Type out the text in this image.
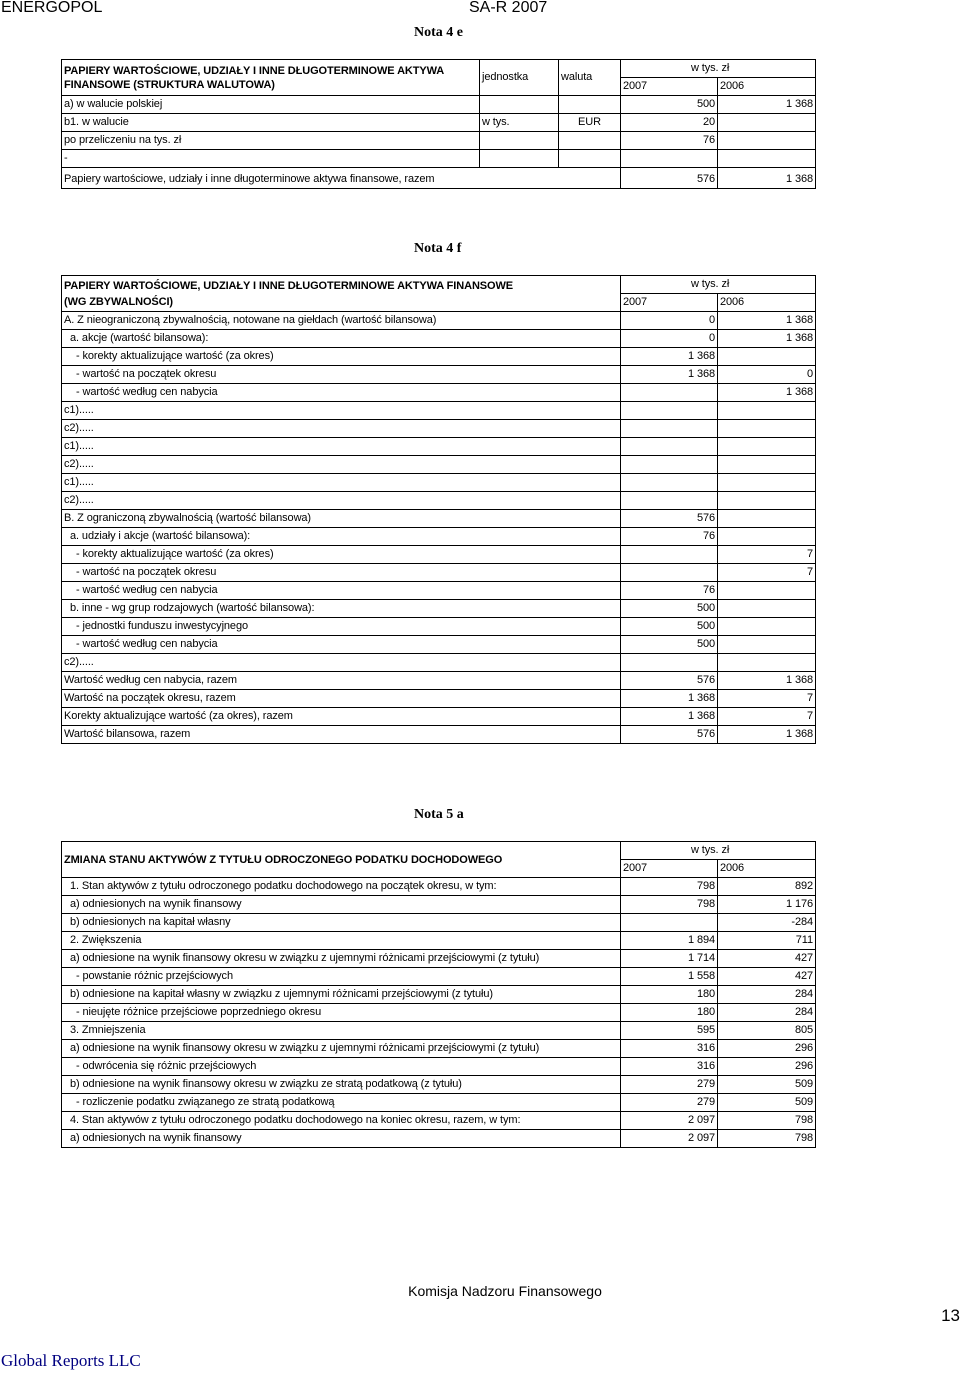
ENERGOPOL	SA-R 2007
Nota 4 e
PAPIERY WARTOŚCIOWE, UDZIAŁY I INNE DŁUGOTERMINOWE AKTYWA
FINANSOWE (STRUKTURA WALUTOWA)	jednostka	waluta	w tys. zł	
			2007	2006
a) w walucie polskiej			500	1 368
b1. w walucie	w tys.	EUR	20	
po przeliczeniu na tys. zł			76	
-				
Papiery wartościowe, udziały i inne długoterminowe aktywa finansowe, razem			576	1 368
Nota 4 f
PAPIERY WARTOŚCIOWE, UDZIAŁY I INNE DŁUGOTERMINOWE AKTYWA FINANSOWE
(WG ZBYWALNOŚCI)	w tys. zł	
	2007	2006
A. Z nieograniczoną zbywalnością, notowane na giełdach (wartość bilansowa)	0	1 368
a. akcje (wartość bilansowa):	0	1 368
- korekty aktualizujące wartość (za okres)	1 368	
- wartość na początek okresu	1 368	0
- wartość według cen nabycia		1 368
c1).....		
c2).....		
c1).....		
c2).....		
c1).....		
c2).....		
B. Z ograniczoną zbywalnością (wartość bilansowa)	576	
a. udziały i akcje (wartość bilansowa):	76	
- korekty aktualizujące wartość (za okres)		7
- wartość na początek okresu		7
- wartość według cen nabycia	76	
b. inne - wg grup rodzajowych (wartość bilansowa):	500	
- jednostki funduszu inwestycyjnego	500	
- wartość według cen nabycia	500	
c2).....		
Wartość według cen nabycia, razem	576	1 368
Wartość na początek okresu, razem	1 368	7
Korekty aktualizujące wartość (za okres), razem	1 368	7
Wartość bilansowa, razem	576	1 368
Nota 5 a
ZMIANA STANU AKTYWÓW Z TYTUŁU ODROCZONEGO PODATKU DOCHODOWEGO	w tys. zł	
	2007	2006
1. Stan aktywów z tytułu odroczonego podatku dochodowego na początek okresu, w tym:	798	892
a) odniesionych na wynik finansowy	798	1 176
b) odniesionych na kapitał własny		-284
2. Zwiększenia	1 894	711
a) odniesione na wynik finansowy okresu w związku z ujemnymi różnicami przejściowymi (z tytułu)	1 714	427
- powstanie różnic przejściowych	1 558	427
b) odniesione na kapitał własny w związku z ujemnymi różnicami przejściowymi (z tytułu)	180	284
- nieujęte różnice przejściowe poprzedniego okresu	180	284
3. Zmniejszenia	595	805
a) odniesione na wynik finansowy okresu w związku z ujemnymi różnicami przejściowymi (z tytułu)	316	296
- odwrócenia się różnic przejściowych	316	296
b) odniesione na wynik finansowy okresu w związku ze stratą podatkową (z tytułu)	279	509
- rozliczenie podatku związanego ze stratą podatkową	279	509
4. Stan aktywów z tytułu odroczonego podatku dochodowego na koniec okresu, razem, w tym:	2 097	798
a) odniesionych na wynik finansowy	2 097	798
Komisja Nadzoru Finansowego
13
Global Reports LLC
